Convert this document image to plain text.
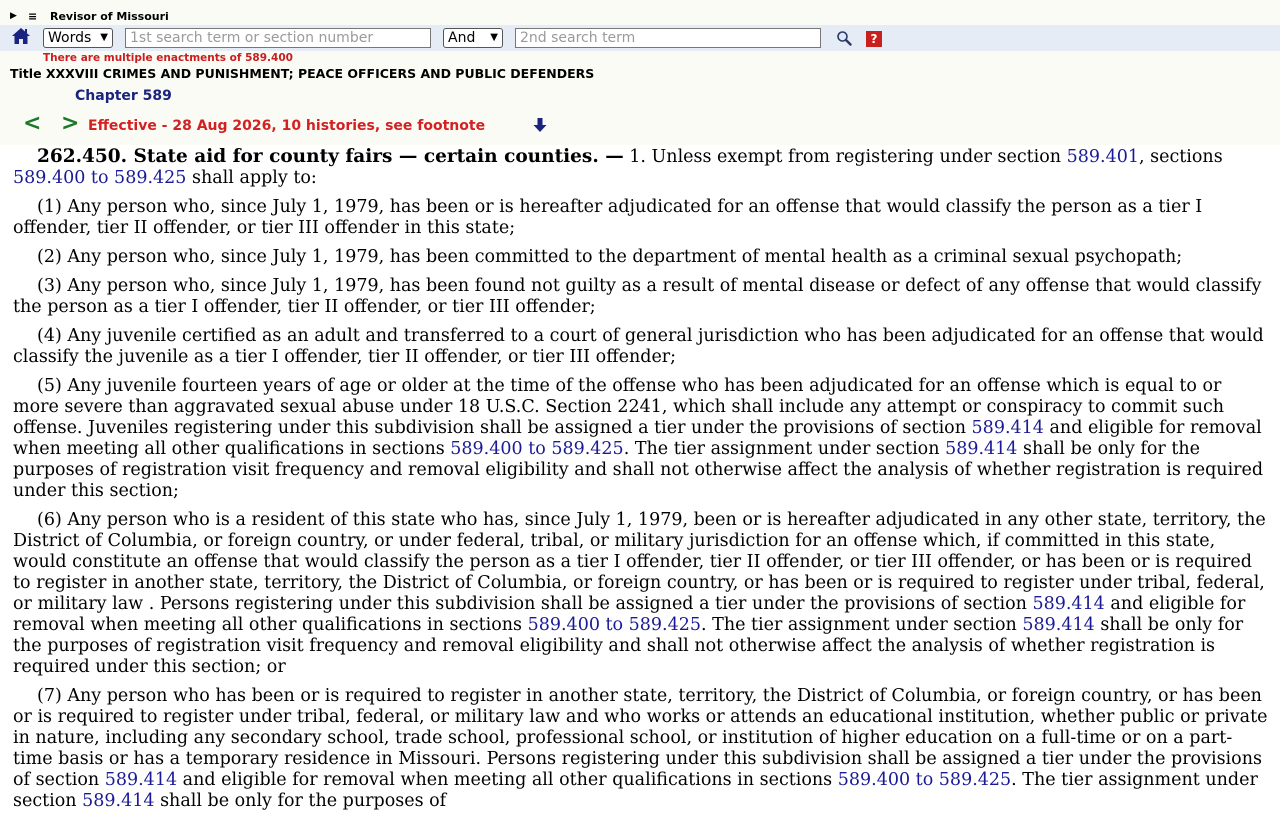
▶	≡	Revisor of Missouri
Words ▼	1st search term or section number	And ▼	2nd search term	?
There are multiple enactments of 589.400
Title XXXVIII CRIMES AND PUNISHMENT; PEACE OFFICERS AND PUBLIC DEFENDERS
Chapter 589
< > Effective - 28 Aug 2026, 10 histories, see footnote

262.450. State aid for county fairs — certain counties. — 1. Unless exempt from registering under section 589.401, sections 589.400 to 589.425 shall apply to:

(1) Any person who, since July 1, 1979, has been or is hereafter adjudicated for an offense that would classify the person as a tier I offender, tier II offender, or tier III offender in this state;

(2) Any person who, since July 1, 1979, has been committed to the department of mental health as a criminal sexual psychopath;

(3) Any person who, since July 1, 1979, has been found not guilty as a result of mental disease or defect of any offense that would classify the person as a tier I offender, tier II offender, or tier III offender;

(4) Any juvenile certified as an adult and transferred to a court of general jurisdiction who has been adjudicated for an offense that would classify the juvenile as a tier I offender, tier II offender, or tier III offender;

(5) Any juvenile fourteen years of age or older at the time of the offense who has been adjudicated for an offense which is equal to or more severe than aggravated sexual abuse under 18 U.S.C. Section 2241, which shall include any attempt or conspiracy to commit such offense. Juveniles registering under this subdivision shall be assigned a tier under the provisions of section 589.414 and eligible for removal when meeting all other qualifications in sections 589.400 to 589.425. The tier assignment under section 589.414 shall be only for the purposes of registration visit frequency and removal eligibility and shall not otherwise affect the analysis of whether registration is required under this section;

(6) Any person who is a resident of this state who has, since July 1, 1979, been or is hereafter adjudicated in any other state, territory, the District of Columbia, or foreign country, or under federal, tribal, or military jurisdiction for an offense which, if committed in this state, would constitute an offense that would classify the person as a tier I offender, tier II offender, or tier III offender, or has been or is required to register in another state, territory, the District of Columbia, or foreign country, or has been or is required to register under tribal, federal, or military law . Persons registering under this subdivision shall be assigned a tier under the provisions of section 589.414 and eligible for removal when meeting all other qualifications in sections 589.400 to 589.425. The tier assignment under section 589.414 shall be only for the purposes of registration visit frequency and removal eligibility and shall not otherwise affect the analysis of whether registration is required under this section; or

(7) Any person who has been or is required to register in another state, territory, the District of Columbia, or foreign country, or has been or is required to register under tribal, federal, or military law and who works or attends an educational institution, whether public or private in nature, including any secondary school, trade school, professional school, or institution of higher education on a full-time or on a part-time basis or has a temporary residence in Missouri. Persons registering under this subdivision shall be assigned a tier under the provisions of section 589.414 and eligible for removal when meeting all other qualifications in sections 589.400 to 589.425. The tier assignment under section 589.414 shall be only for the purposes of
